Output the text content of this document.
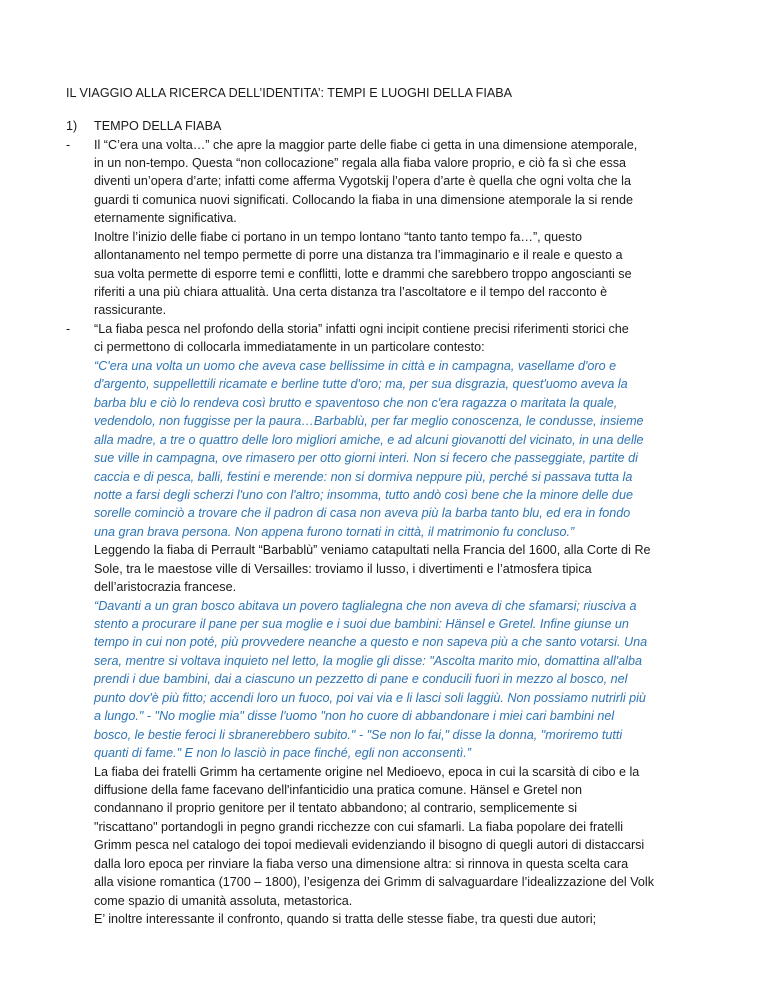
IL VIAGGIO ALLA RICERCA DELL’IDENTITA’: TEMPI E LUOGHI DELLA FIABA
1) TEMPO DELLA FIABA
-	Il “C’era una volta…” che apre la maggior parte delle fiabe ci getta in una dimensione atemporale,
in un non-tempo. Questa “non collocazione” regala alla fiaba valore proprio, e ciò fa sì che essa
diventi un’opera d’arte; infatti come afferma Vygotskij l’opera d’arte è quella che ogni volta che la
guardi ti comunica nuovi significati. Collocando la fiaba in una dimensione atemporale la si rende
eternamente significativa.
Inoltre l’inizio delle fiabe ci portano in un tempo lontano “tanto tanto tempo fa…”, questo
allontanamento nel tempo permette di porre una distanza tra l’immaginario e il reale e questo a
sua volta permette di esporre temi e conflitti, lotte e drammi che sarebbero troppo angoscianti se
riferiti a una più chiara attualità. Una certa distanza tra l’ascoltatore e il tempo del racconto è
rassicurante.
-	“La fiaba pesca nel profondo della storia” infatti ogni incipit contiene precisi riferimenti storici che
ci permettono di collocarla immediatamente in un particolare contesto:
“C'era una volta un uomo che aveva case bellissime in città e in campagna, vasellame d'oro e
d'argento, suppellettili ricamate e berline tutte d'oro; ma, per sua disgrazia, quest'uomo aveva la
barba blu e ciò lo rendeva così brutto e spaventoso che non c'era ragazza o maritata la quale,
vedendolo, non fuggisse per la paura…Barbablù, per far meglio conoscenza, le condusse, insieme
alla madre, a tre o quattro delle loro migliori amiche, e ad alcuni giovanotti del vicinato, in una delle
sue ville in campagna, ove rimasero per otto giorni interi. Non si fecero che passeggiate, partite di
caccia e di pesca, balli, festini e merende: non si dormiva neppure più, perché si passava tutta la
notte a farsi degli scherzi l'uno con l'altro; insomma, tutto andò così bene che la minore delle due
sorelle cominciò a trovare che il padron di casa non aveva più la barba tanto blu, ed era in fondo
una gran brava persona. Non appena furono tornati in città, il matrimonio fu concluso.”
Leggendo la fiaba di Perrault “Barbablù” veniamo catapultati nella Francia del 1600, alla Corte di Re
Sole, tra le maestose ville di Versailles: troviamo il lusso, i divertimenti e l’atmosfera tipica
dell’aristocrazia francese.
“Davanti a un gran bosco abitava un povero taglialegna che non aveva di che sfamarsi; riusciva a
stento a procurare il pane per sua moglie e i suoi due bambini: Hänsel e Gretel. Infine giunse un
tempo in cui non poté, più provvedere neanche a questo e non sapeva più a che santo votarsi. Una
sera, mentre si voltava inquieto nel letto, la moglie gli disse: "Ascolta marito mio, domattina all'alba
prendi i due bambini, dai a ciascuno un pezzetto di pane e conducili fuori in mezzo al bosco, nel
punto dov'è più fitto; accendi loro un fuoco, poi vai via e li lasci soli laggiù. Non possiamo nutrirli più
a lungo." - "No moglie mia" disse l'uomo "non ho cuore di abbandonare i miei cari bambini nel
bosco, le bestie feroci li sbranerebbero subito." - "Se non lo fai," disse la donna, "moriremo tutti
quanti di fame." E non lo lasciò in pace finché, egli non acconsentì.”
La fiaba dei fratelli Grimm ha certamente origine nel Medioevo, epoca in cui la scarsità di cibo e la
diffusione della fame facevano dell'infanticidio una pratica comune. Hänsel e Gretel non
condannano il proprio genitore per il tentato abbandono; al contrario, semplicemente si
"riscattano" portandogli in pegno grandi ricchezze con cui sfamarli. La fiaba popolare dei fratelli
Grimm pesca nel catalogo dei topoi medievali evidenziando il bisogno di quegli autori di distaccarsi
dalla loro epoca per rinviare la fiaba verso una dimensione altra: si rinnova in questa scelta cara
alla visione romantica (1700 – 1800), l’esigenza dei Grimm di salvaguardare l’idealizzazione del Volk
come spazio di umanità assoluta, metastorica.
E’ inoltre interessante il confronto, quando si tratta delle stesse fiabe, tra questi due autori;
